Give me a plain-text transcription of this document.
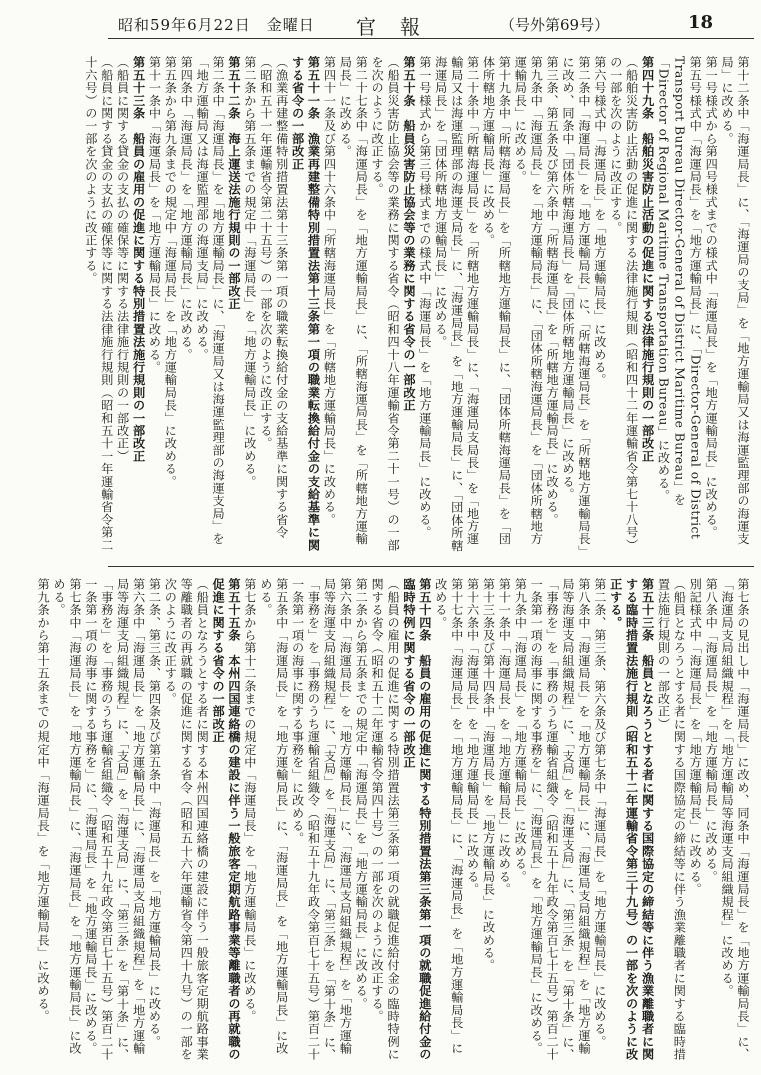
昭和59年6月22日　金曜日 官報	（号外第69号）	18

第十二条中「海運局長」に、「海運局の支局」を「地方運輸局又は海運監理部の海運支局」に改める。

第一号様式から第四号様式までの様式中「海運局長」を「地方運輸局長」に改める。

第五号様式中「海運局長」を「地方運輸局長」に、「Director-General of District Transport Bureau Director-General of District Maritime Bureau」を「Director of Regional Maritime Transportation Bureau」に改める。

第四十九条　船舶災害防止活動の促進に関する法律施行規則の一部改正

（船舶災害防止活動の促進に関する法律施行規則（昭和四十二年運輸省令第七十八号）の一部を次のように改正する。

第六号様式中「海運局長」を「地方運輸局長」に改める。

第二条中「海運局長」を「地方運輸局長」に、「所轄海運局長」を「所轄地方運輸局長」に改め、同条中「団体所轄海運局長」を「団体所轄地方運輸局長」に改める。

第三条、第五条及び第六条中「所轄海運局長」を「所轄地方運輸局長」に改める。

第九条中「海運局長」を「地方運輸局長」に、「団体所轄海運局長」を「団体所轄地方運輸局長」に改める。

第十九条中「所轄海運局長」を「所轄地方運輸局長」に、「団体所轄海運局長」を「団体所轄地方運輸局長」に改める。

第二十条中「所轄海運局長」を「所轄地方運輸局長」に、「海運局支局長」を「地方運輸局又は海運監理部の海運支局長」に、「海運局長」を「地方運輸局長」に、「団体所轄海運局長」を「団体所轄地方運輸局長」に改める。

第一号様式から第三号様式までの様式中「海運局長」を「地方運輸局長」に改める。

第五十条　船員災害防止協会等の業務に関する省令の一部改正

（船員災害防止協会等の業務に関する省令（昭和四十八年運輸省令第二十一号）の一部を次のように改正する。

第二十七条中「海運局長」を「地方運輸局長」に、「所轄海運局長」を「所轄地方運輸局長」に改める。

第四十一条及び第四十六条中「所轄海運局長」を「所轄地方運輸局長」に改める。

第五十一条　漁業再建整備特別措置法第十三条第一項の職業転換給付金の支給基準に関する省令の一部改正

（漁業再建整備特別措置法第十三条第一項の職業転換給付金の支給基準に関する省令（昭和五十一年運輸省令第二十五号）の一部を次のように改正する。

第二条から第五条までの規定中「海運局長」を「地方運輸局長」に改める。

第五十二条　海上運送法施行規則の一部改正

第二条中「海運局長」を「地方運輸局長」に、「海運局又は海運監理部の海運支局」を「地方運輸局又は海運監理部の海運支局」に改める。

第四条中「海運局長」を「地方運輸局長」に改める。

第五条から第九条までの規定中「海運局長」を「地方運輸局長」に改める。

第十一条中「海運局長」を「地方運輸局長」に改める。

第五十三条　船員の雇用の促進に関する特別措置法施行規則の一部改正

（船員に関する貸金の支払の確保等に関する法律施行規則の一部改正）

（船員に関する貸金の支払の確保等に関する法律施行規則（昭和五十一年運輸省令第二十六号）の一部を次のように改正する。

第七条の見出し中「海運局長」に改め、同条中「海運局長」を「地方運輸局長」に、「海運局支局組織規程」を「地方運輸局等海運支局組織規程」に改める。

第八条中「海運局長」を「地方運輸局長」に改める。

別記様式中「海運局長」を「地方運輸局長」に改める。

（船員となろうとする者に関する国際協定の締結等に伴う漁業離職者に関する臨時措置法施行規則の一部改正）

第五十三条　船員となろうとする者に関する国際協定の締結等に伴う漁業離職者に関する臨時措置法施行規則（昭和五十二年運輸省令第三十九号）の一部を次のように改正する。

第二条、第三条、第六条及び第七条中「海運局長」を「地方運輸局長」に改める。

第八条中「海運局長」を「地方運輸局長」に、「海運局支局組織規程」を「地方運輸局等海運支局組織規程」に、「支局」を「海運支局」に、「第三条」を「第十条」に、「事務を」を「事務のうち運輸省組織令（昭和五十九年政令第百七十五号）第百二十一条第一項の海事に関する事務を」に、「海運局長」を「地方運輸局長」に改める。

第九条中「海運局長」を「地方運輸局長」に改める。

第十一条中「海運局長」を「地方運輸局長」に改める。

第十三条及び第十四条中「海運局長」を「地方運輸局長」に改める。

第十六条中「海運局長」を「地方運輸局長」に改める。

第十七条中「海運局長」を「地方運輸局長」に、「海運局長」を「地方運輸局長」に改める。

第五十四条　船員の雇用の促進に関する特別措置法第三条第一項の就職促進給付金の臨時特例に関する省令の一部改正

（船員の雇用の促進に関する特別措置法第三条第一項の就職促進給付金の臨時特例に関する省令（昭和五十二年運輸省令第四十号）の一部を次のように改正する。

第二条から第五条までの規定中「海運局長」を「地方運輸局長」に改める。

第六条中「海運局長」を「地方運輸局長」に、「海運局支局組織規程」を「地方運輸局等海運支局組織規程」に、「支局」を「海運支局」に、「第三条」を「第十条」に、「事務を」を「事務のうち運輸省組織令（昭和五十九年政令第百七十五号）第百二十一条第一項の海事に関する事務を」に改める。

第五条中「海運局長」を「地方運輸局長」に、「海運局長」を「地方運輸局長」に改める。

第七条から第十二条までの規定中「海運局長」を「地方運輸局長」に改める。

第五十五条　本州四国連絡橋の建設に伴う一般旅客定期航路事業等離職者の再就職の促進に関する省令の一部改正

（船員となろうとする者に関する本州四国連絡橋の建設に伴う一般旅客定期航路事業等離職者の再就職の促進に関する省令（昭和五十六年運輸省令第四十九号）の一部を次のように改正する。

第二条、第三条、第四条及び第五条中「海運局長」を「地方運輸局長」に改める。

第六条中「海運局長」を「地方運輸局長」に、「海運局支局組織規程」を「地方運輸局等海運支局組織規程」に、「支局」を「海運支局」に、「第三条」を「第十条」に、「事務を」を「事務のうち運輸省組織令（昭和五十九年政令第百七十五号）第百二十一条第一項の海事に関する事務を」に、「海運局長」を「地方運輸局長」に改める。

第七条中「海運局長」を「地方運輸局長」に、「海運局長」を「地方運輸局長」に改める。

第九条から第十五条までの規定中「海運局長」を「地方運輸局長」に改める。
